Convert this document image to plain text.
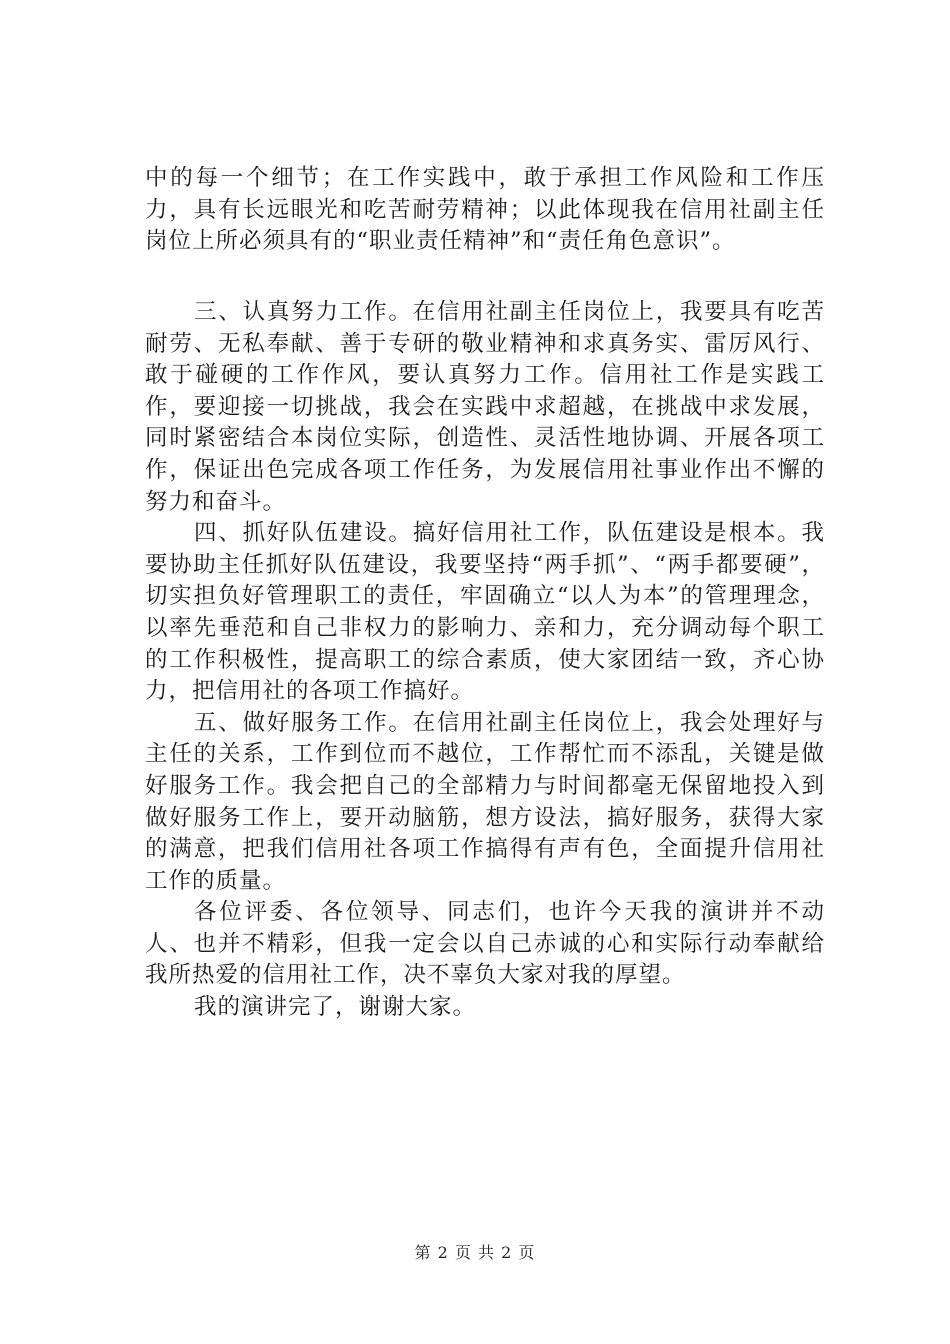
中的每一个细节；在工作实践中，敢于承担工作风险和工作压力，具有长远眼光和吃苦耐劳精神；以此体现我在信用社副主任岗位上所必须具有的“职业责任精神”和“责任角色意识”。

三、认真努力工作。在信用社副主任岗位上，我要具有吃苦耐劳、无私奉献、善于专研的敬业精神和求真务实、雷厉风行、敢于碰硬的工作作风，要认真努力工作。信用社工作是实践工作，要迎接一切挑战，我会在实践中求超越，在挑战中求发展，同时紧密结合本岗位实际，创造性、灵活性地协调、开展各项工作，保证出色完成各项工作任务，为发展信用社事业作出不懈的努力和奋斗。

四、抓好队伍建设。搞好信用社工作，队伍建设是根本。我要协助主任抓好队伍建设，我要坚持“两手抓”、“两手都要硬”，切实担负好管理职工的责任，牢固确立“以人为本”的管理理念，以率先垂范和自己非权力的影响力、亲和力，充分调动每个职工的工作积极性，提高职工的综合素质，使大家团结一致，齐心协力，把信用社的各项工作搞好。

五、做好服务工作。在信用社副主任岗位上，我会处理好与主任的关系，工作到位而不越位，工作帮忙而不添乱，关键是做好服务工作。我会把自己的全部精力与时间都毫无保留地投入到做好服务工作上，要开动脑筋，想方设法，搞好服务，获得大家的满意，把我们信用社各项工作搞得有声有色，全面提升信用社工作的质量。

各位评委、各位领导、同志们，也许今天我的演讲并不动人、也并不精彩，但我一定会以自己赤诚的心和实际行动奉献给我所热爱的信用社工作，决不辜负大家对我的厚望。

我的演讲完了，谢谢大家。

第 2 页 共 2 页
